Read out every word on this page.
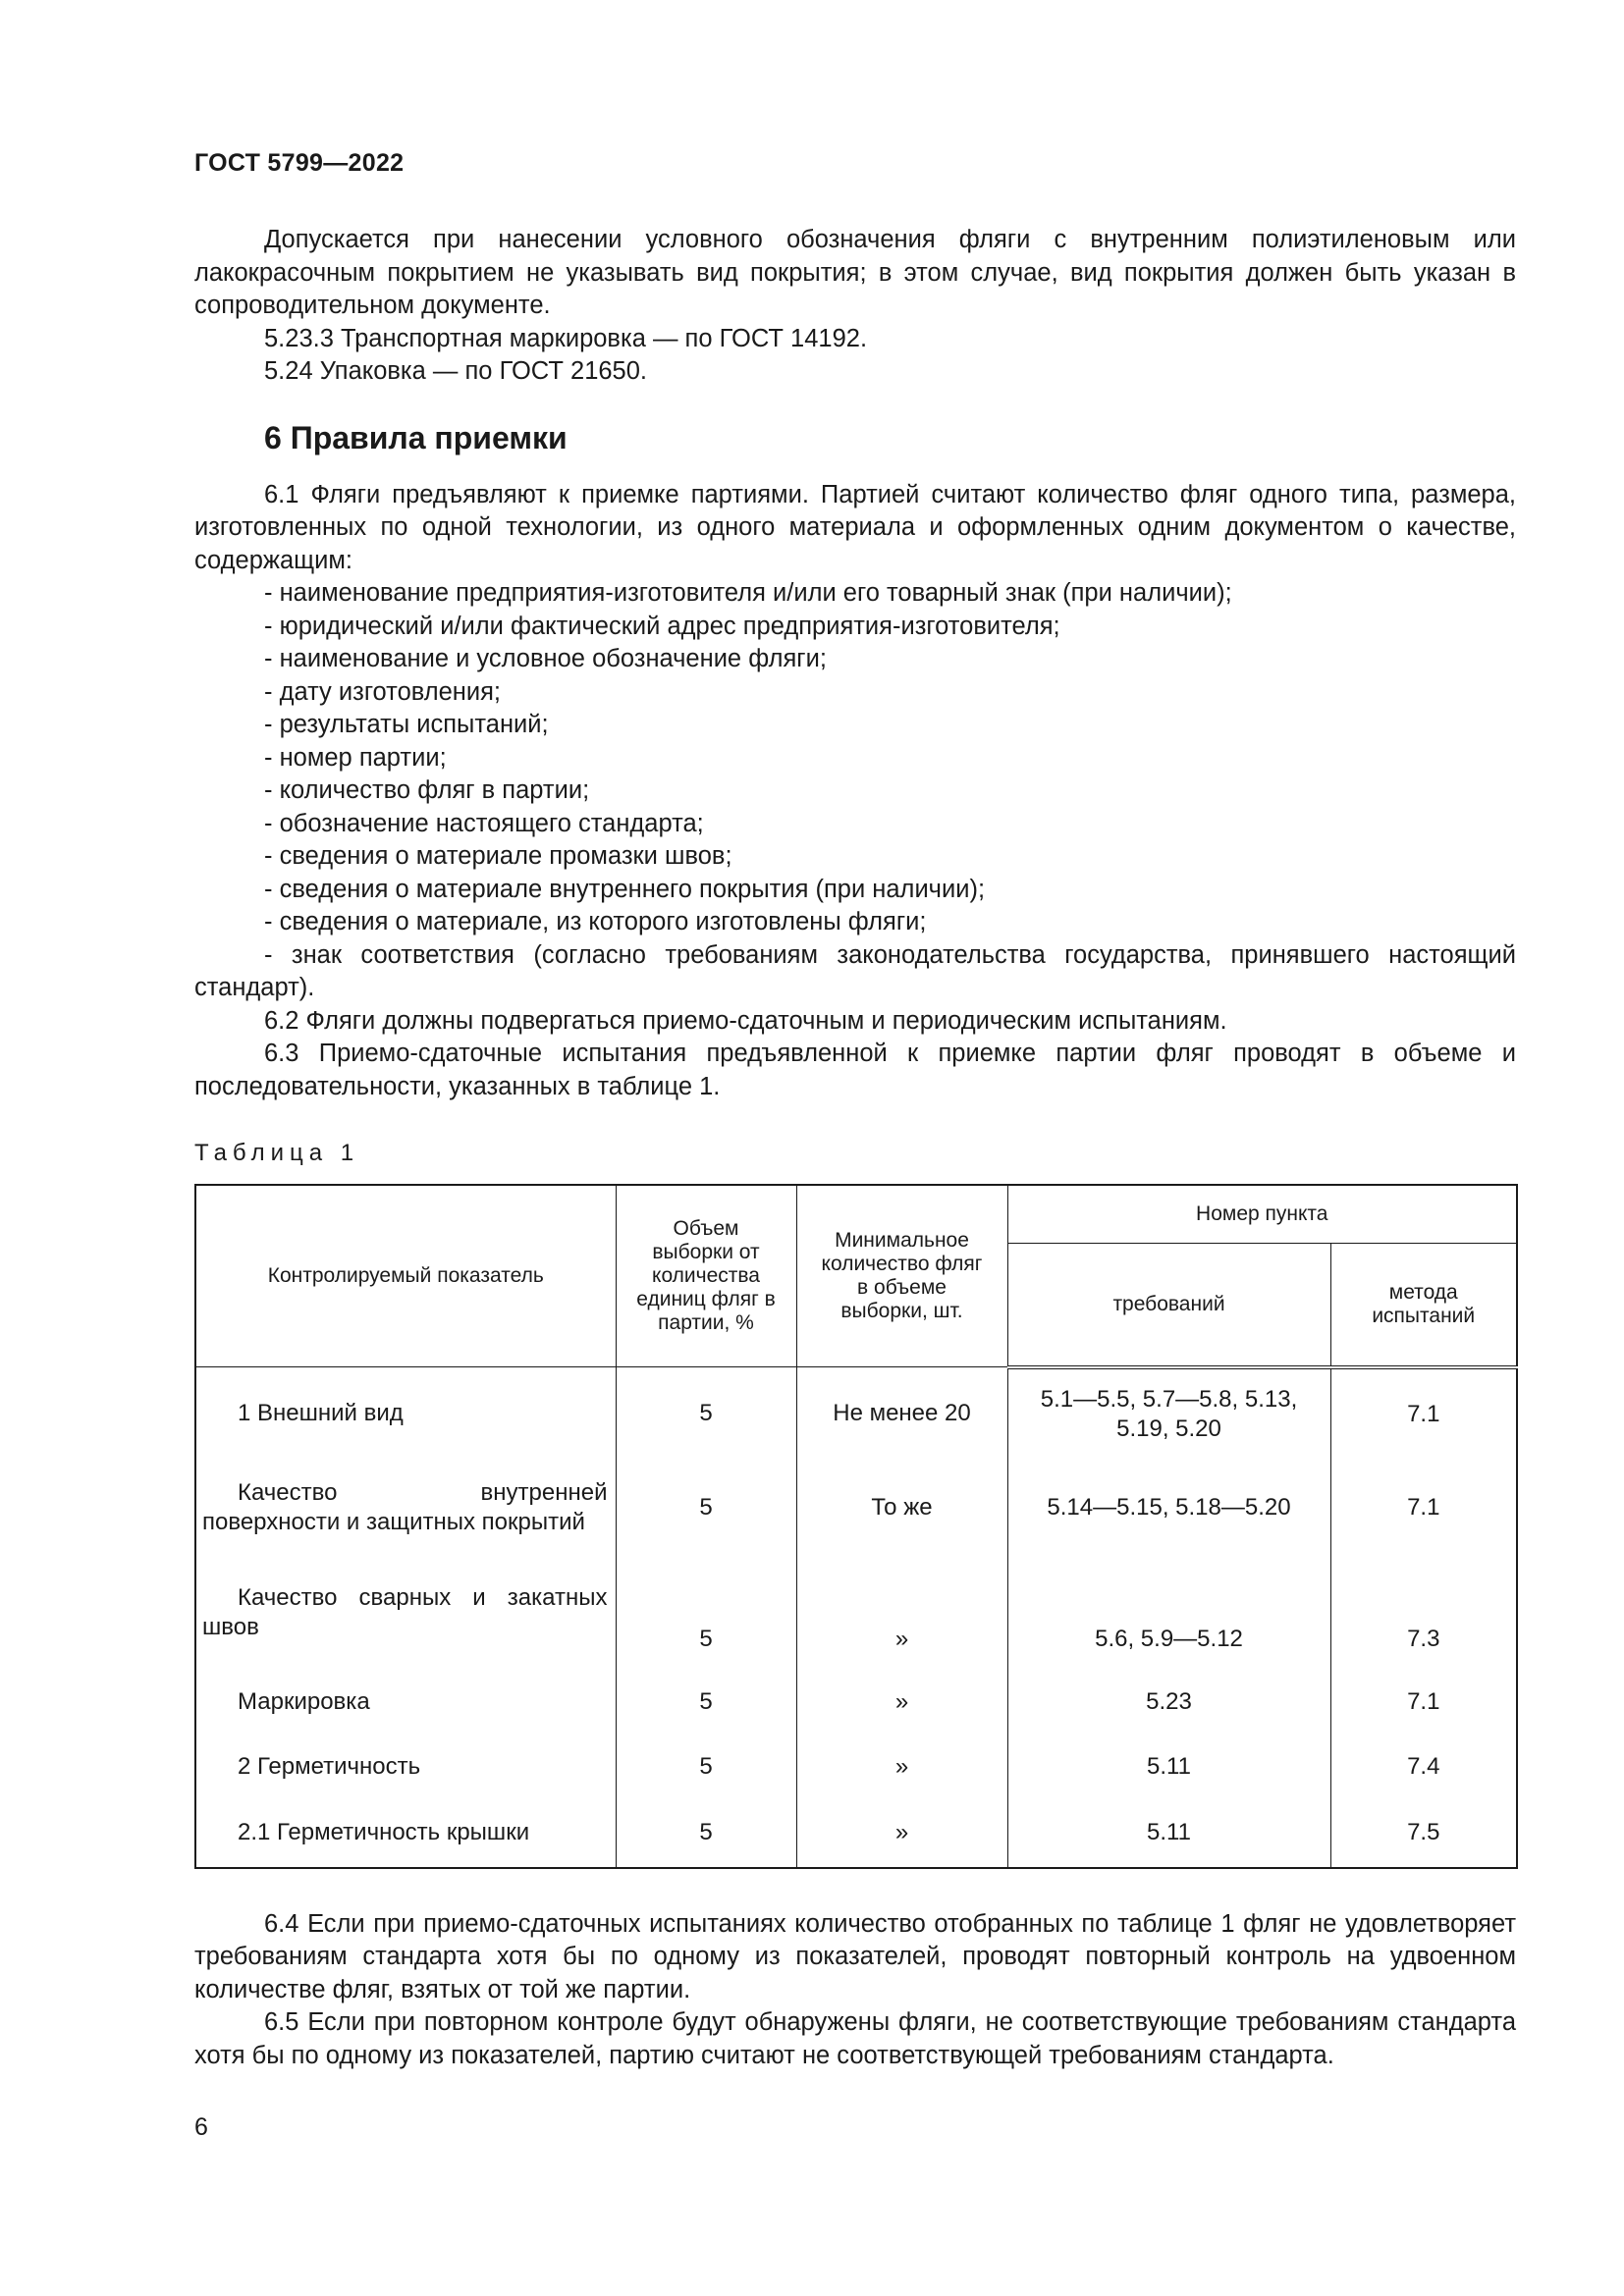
ГОСТ 5799—2022

Допускается при нанесении условного обозначения фляги с внутренним полиэтиленовым или лакокрасочным покрытием не указывать вид покрытия; в этом случае, вид покрытия должен быть указан в сопроводительном документе.

5.23.3 Транспортная маркировка — по ГОСТ 14192.

5.24 Упаковка — по ГОСТ 21650.

6 Правила приемки

6.1 Фляги предъявляют к приемке партиями. Партией считают количество фляг одного типа, размера, изготовленных по одной технологии, из одного материала и оформленных одним документом о качестве, содержащим:

- наименование предприятия-изготовителя и/или его товарный знак (при наличии);

- юридический и/или фактический адрес предприятия-изготовителя;

- наименование и условное обозначение фляги;

- дату изготовления;

- результаты испытаний;

- номер партии;

- количество фляг в партии;

- обозначение настоящего стандарта;

- сведения о материале промазки швов;

- сведения о материале внутреннего покрытия (при наличии);

- сведения о материале, из которого изготовлены фляги;

- знак соответствия (согласно требованиям законодательства государства, принявшего настоящий стандарт).

6.2 Фляги должны подвергаться приемо-сдаточным и периодическим испытаниям.

6.3 Приемо-сдаточные испытания предъявленной к приемке партии фляг проводят в объеме и последовательности, указанных в таблице 1.

Таблица 1
Контролируемый показатель	Объем выборки от количества единиц фляг в партии, %	Минимальное количество фляг в объеме выборки, шт.	Номер пункта	
			требований	метода испытаний
1 Внешний вид	5	Не менее 20	5.1—5.5, 5.7—5.8, 5.13, 5.19, 5.20	7.1
Качество внутренней поверхности и защитных покрытий	5	То же	5.14—5.15, 5.18—5.20	7.1
Качество сварных и закатных швов	5	»	5.6, 5.9—5.12	7.3
Маркировка	5	»	5.23	7.1
2 Герметичность	5	»	5.11	7.4
2.1 Герметичность крышки	5	»	5.11	7.5

6.4 Если при приемо-сдаточных испытаниях количество отобранных по таблице 1 фляг не удовлетворяет требованиям стандарта хотя бы по одному из показателей, проводят повторный контроль на удвоенном количестве фляг, взятых от той же партии.

6.5 Если при повторном контроле будут обнаружены фляги, не соответствующие требованиям стандарта хотя бы по одному из показателей, партию считают не соответствующей требованиям стандарта.

6
